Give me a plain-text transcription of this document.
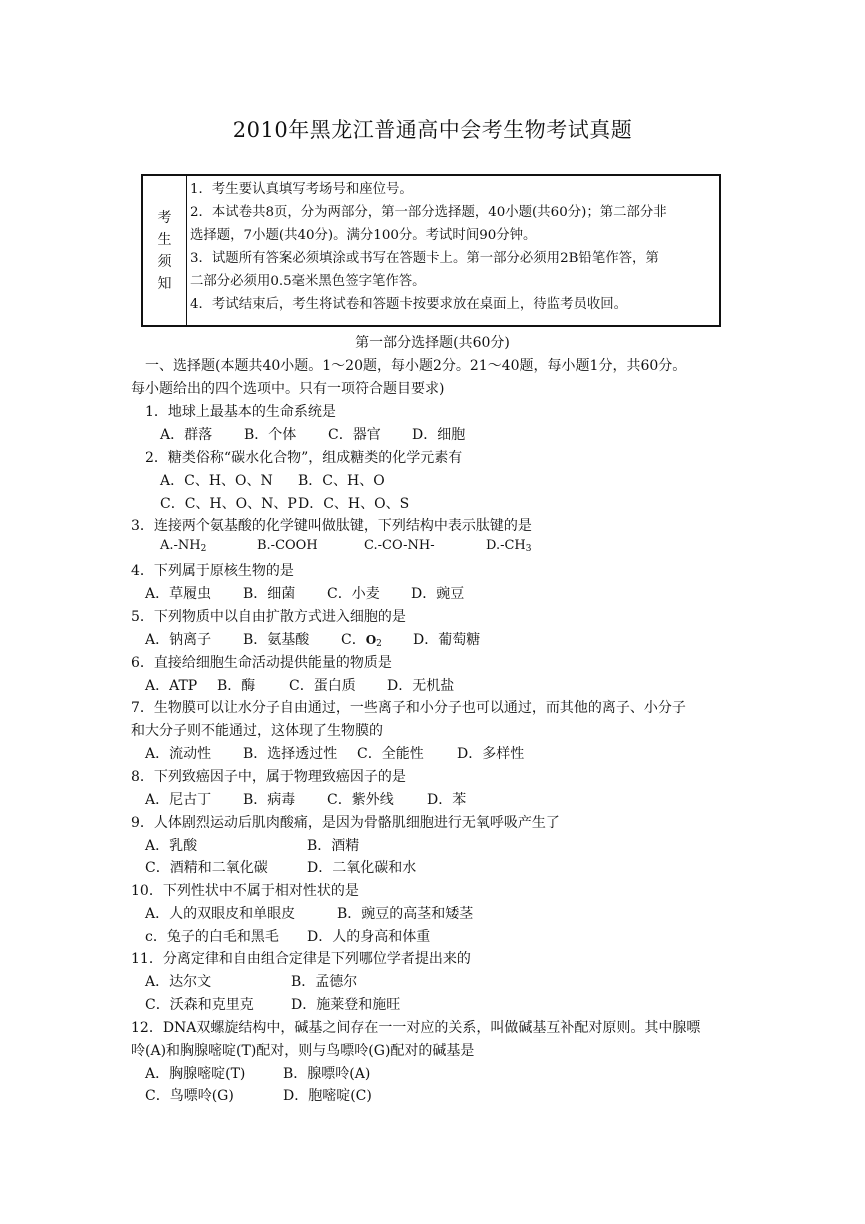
2010年黑龙江普通高中会考生物考试真题
考
生
须
知
1．考生要认真填写考场号和座位号。
2．本试卷共8页，分为两部分，第一部分选择题，40小题(共60分)；第二部分非
选择题，7小题(共40分)。满分100分。考试时间90分钟。
3．试题所有答案必须填涂或书写在答题卡上。第一部分必须用2B铅笔作答，第
二部分必须用0.5毫米黑色签字笔作答。
4．考试结束后，考生将试卷和答题卡按要求放在桌面上，待监考员收回。
第一部分选择题(共60分)
一、选择题(本题共40小题。1～20题，每小题2分。21～40题，每小题1分，共60分。
每小题给出的四个选项中。只有一项符合题目要求)
1．地球上最基本的生命系统是
A．群落 B．个体 C．器官 D．细胞
2．糖类俗称“碳水化合物”，组成糖类的化学元素有
A．C、H、O、N B．C、H、O
C．C、H、O、N、PD．C、H、O、S
3．连接两个氨基酸的化学键叫做肽键，下列结构中表示肽键的是
$A.-NH_2$	B.-COOH	C.-CO-NH-	$D.-CH_3$
4．下列属于原核生物的是
A．草履虫 B．细菌 C．小麦 D．豌豆
5．下列物质中以自由扩散方式进入细胞的是
A．钠离子 B．氨基酸 C．$O_2$ D．葡萄糖
6．直接给细胞生命活动提供能量的物质是
A．ATP B．酶 C．蛋白质 D．无机盐
7．生物膜可以让水分子自由通过，一些离子和小分子也可以通过，而其他的离子、小分子
和大分子则不能通过，这体现了生物膜的
A．流动性 B．选择透过性 C．全能性 D．多样性
8．下列致癌因子中，属于物理致癌因子的是
A．尼古丁 B．病毒 C．紫外线 D．苯
9．人体剧烈运动后肌肉酸痛，是因为骨骼肌细胞进行无氧呼吸产生了
A．乳酸	B．酒精
C．酒精和二氧化碳	D．二氧化碳和水
10．下列性状中不属于相对性状的是
A．人的双眼皮和单眼皮	B．豌豆的高茎和矮茎
c．兔子的白毛和黑毛 D．人的身高和体重
11．分离定律和自由组合定律是下列哪位学者提出来的
A．达尔文	B．孟德尔
C．沃森和克里克	D．施莱登和施旺
12．DNA双螺旋结构中，碱基之间存在一一对应的关系，叫做碱基互补配对原则。其中腺嘌
呤(A)和胸腺嘧啶(T)配对，则与鸟嘌呤(G)配对的碱基是
A．胸腺嘧啶(T)	B．腺嘌呤(A)
C．鸟嘌呤(G)	D．胞嘧啶(C)
